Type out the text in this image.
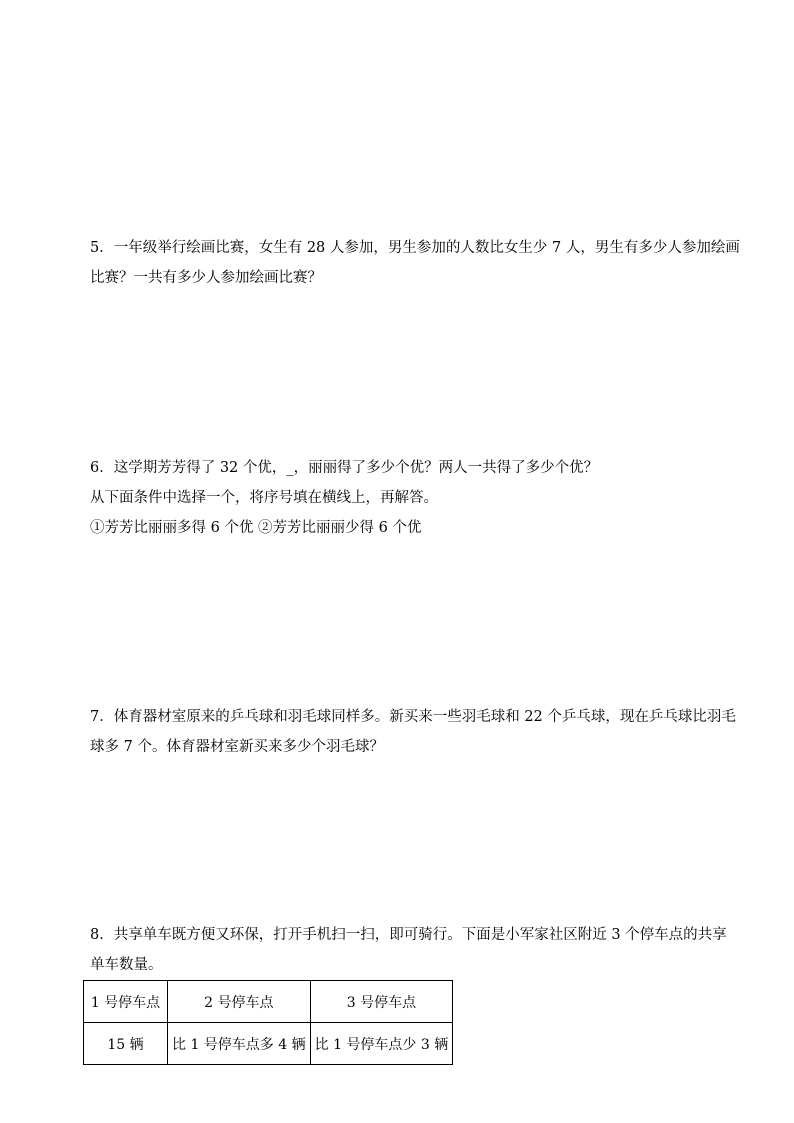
5．一年级举行绘画比赛，女生有 28 人参加，男生参加的人数比女生少 7 人，男生有多少人参加绘画
比赛？一共有多少人参加绘画比赛？
6．这学期芳芳得了 32 个优，_，丽丽得了多少个优？两人一共得了多少个优？
从下面条件中选择一个，将序号填在横线上，再解答。
①芳芳比丽丽多得 6 个优 ②芳芳比丽丽少得 6 个优
7．体育器材室原来的乒乓球和羽毛球同样多。新买来一些羽毛球和 22 个乒乓球，现在乒乓球比羽毛
球多 7 个。体育器材室新买来多少个羽毛球？
8．共享单车既方便又环保，打开手机扫一扫，即可骑行。下面是小军家社区附近 3 个停车点的共享
单车数量。
1 号停车点	2 号停车点	3 号停车点
15 辆	比 1 号停车点多 4 辆	比 1 号停车点少 3 辆
